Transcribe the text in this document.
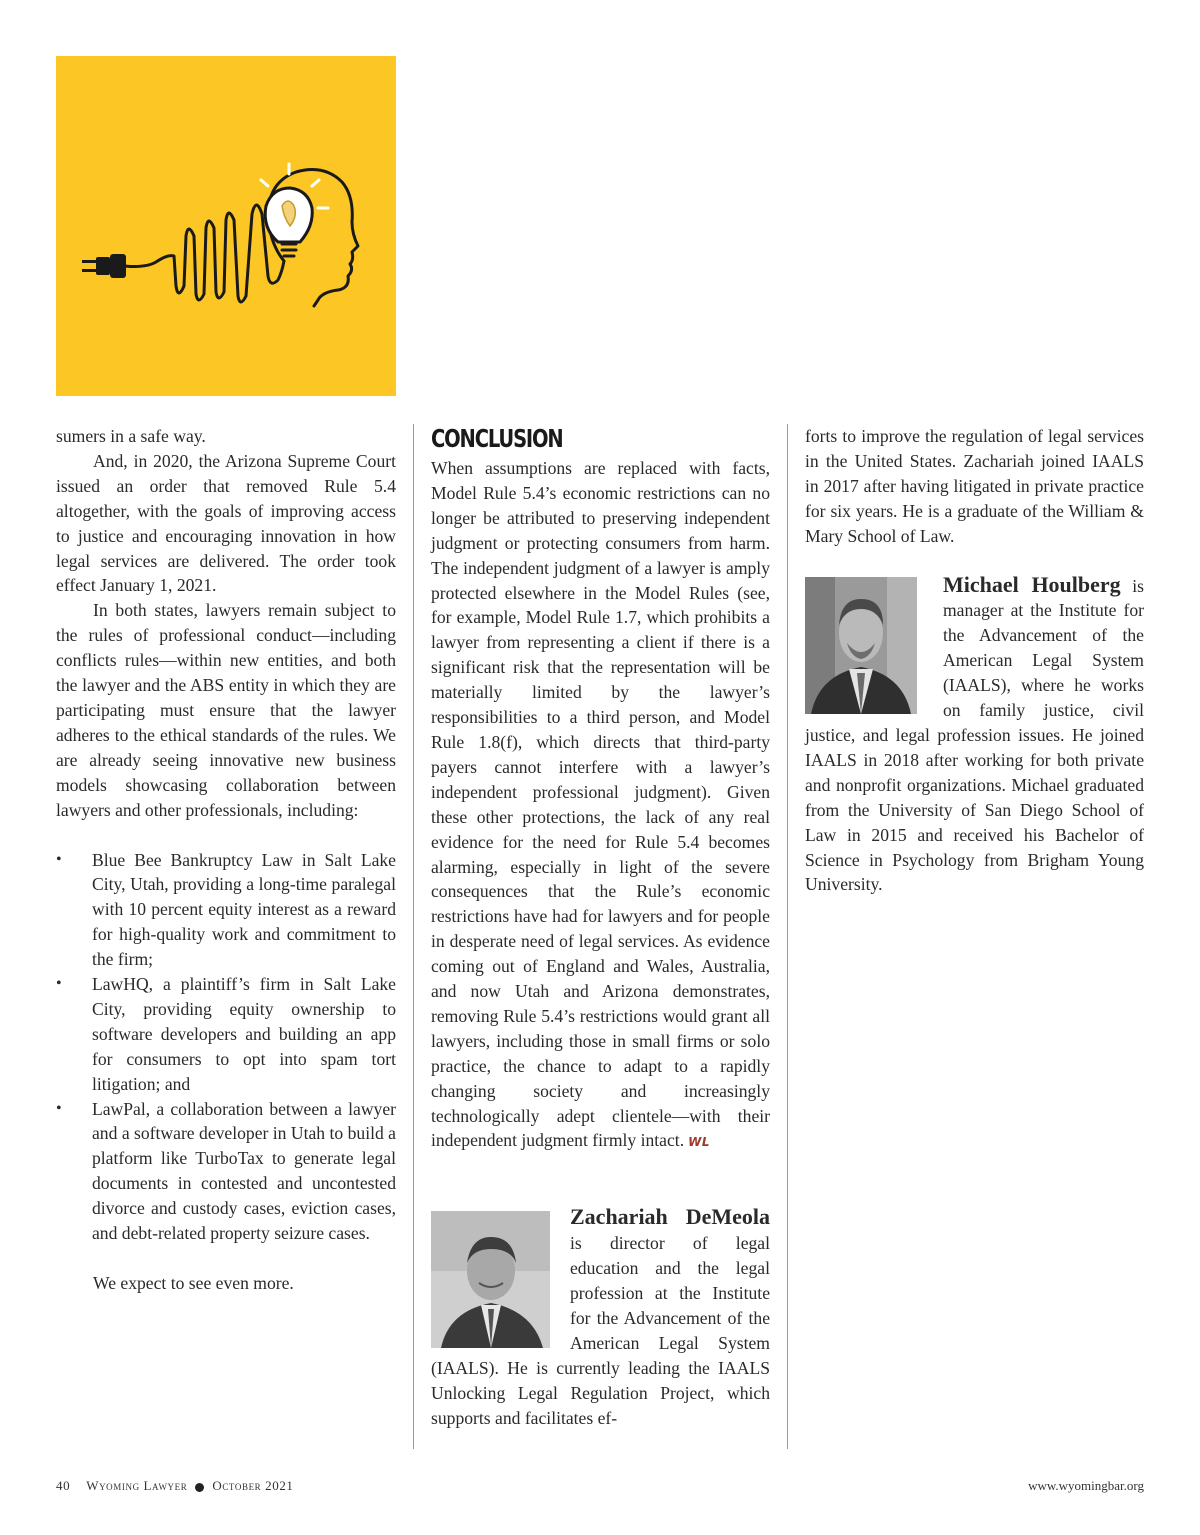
sumers in a safe way.

And, in 2020, the Arizona Supreme Court issued an order that removed Rule 5.4 altogether, with the goals of improving access to justice and encouraging innovation in how legal services are delivered. The order took effect January 1, 2021.

In both states, lawyers remain subject to the rules of professional conduct—including conflicts rules—within new entities, and both the lawyer and the ABS entity in which they are participating must ensure that the lawyer adheres to the ethical standards of the rules. We are already seeing innovative new business models showcasing collaboration between lawyers and other professionals, including:

• Blue Bee Bankruptcy Law in Salt Lake City, Utah, providing a long-time paralegal with 10 percent equity interest as a reward for high-quality work and commitment to the firm;
• LawHQ, a plaintiff’s firm in Salt Lake City, providing equity ownership to software developers and building an app for consumers to opt into spam tort litigation; and
• LawPal, a collaboration between a lawyer and a software developer in Utah to build a platform like TurboTax to generate legal documents in contested and uncontested divorce and custody cases, eviction cases, and debt-related property seizure cases.

We expect to see even more.

CONCLUSION

When assumptions are replaced with facts, Model Rule 5.4’s economic restrictions can no longer be attributed to preserving independent judgment or protecting consumers from harm. The independent judgment of a lawyer is amply protected elsewhere in the Model Rules (see, for example, Model Rule 1.7, which prohibits a lawyer from representing a client if there is a significant risk that the representation will be materially limited by the lawyer’s responsibilities to a third person, and Model Rule 1.8(f), which directs that third-party payers cannot interfere with a lawyer’s independent professional judgment). Given these other protections, the lack of any real evidence for the need for Rule 5.4 becomes alarming, especially in light of the severe consequences that the Rule’s economic restrictions have had for lawyers and for people in desperate need of legal services. As evidence coming out of England and Wales, Australia, and now Utah and Arizona demonstrates, removing Rule 5.4’s restrictions would grant all lawyers, including those in small firms or solo practice, the chance to adapt to a rapidly changing society and increasingly technologically adept clientele—with their independent judgment firmly intact. WL

Zachariah DeMeola is director of legal education and the legal profession at the Institute for the Advancement of the American Legal System (IAALS). He is currently leading the IAALS Unlocking Legal Regulation Project, which supports and facilitates ef-

forts to improve the regulation of legal services in the United States. Zachariah joined IAALS in 2017 after having litigated in private practice for six years. He is a graduate of the William & Mary School of Law.

Michael Houlberg is manager at the Institute for the Advancement of the American Legal System (IAALS), where he works on family justice, civil justice, and legal profession issues. He joined IAALS in 2018 after working for both private and nonprofit organizations. Michael graduated from the University of San Diego School of Law in 2015 and received his Bachelor of Science in Psychology from Brigham Young University.

40 Wyoming Lawyer October 2021	www.wyomingbar.org
